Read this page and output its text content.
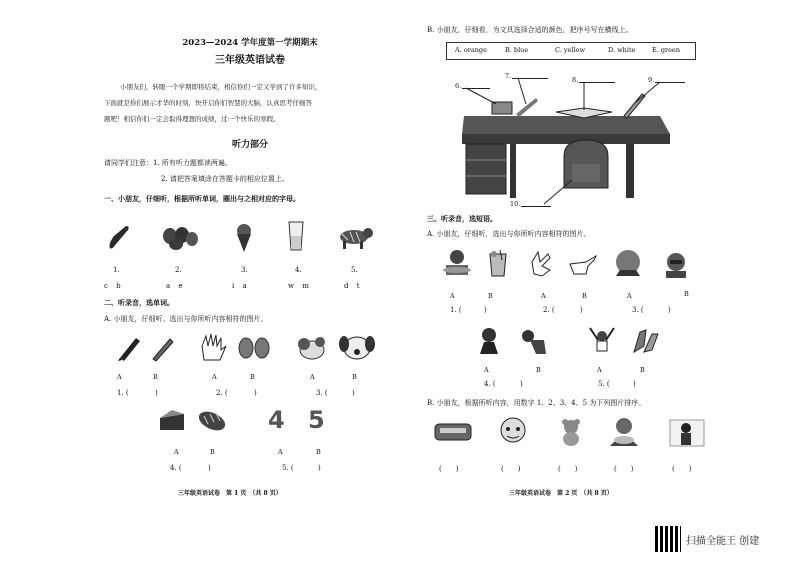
2023—2024 学年度第一学期期末
三年级英语试卷
小朋友们，转眼一个学期即将结束，相信你们一定又学到了许多知识，
下面就是你们展示才华的时刻，快开启你们智慧的大脑，认真思考仔细答
题吧！相信你们一定会取得理想的成绩，过一个快乐的寒假。
听力部分
请同学们注意：1. 所有听力题都读两遍。
2. 请把答案填涂在答题卡的相应位置上。
一、小朋友，仔细听，根据所听单词，圈出与之相对应的字母。
1.	2.	3.	4.	5.
c b	a e	i a	w m	d t
二、听录音，选单词。
A. 小朋友，仔细听。选出与你所听内容相符的图片。
A	B	A	B	A	B
1. (	)	2. (	)	3. (	)
4 5
A	B	A	B
4. (	)	5. (	)
三年级英语试卷　第 1 页　（共 8 页）
B. 小朋友，仔细看，为文具选择合适的颜色，把序号写在横线上。
A. orange	B. blue	C. yellow	D. white	E. green
6.
7.	8.	9.
10.
三、听录音，选短语。
A. 小朋友，仔细听，选出与你所听内容相符的图片。
A	B	A	B	A	B
1. (	)	2. (	)	3. (	)
A	B	A	B
4. (	)	5. (	)
B. 小朋友，根据所听内容，用数字 1、2、3、4、5 为下列图片排序。
(　　)	(　　)	(　　)	(　　)	(　　)
三年级英语试卷　第 2 页　（共 8 页）
扫描全能王 创建
